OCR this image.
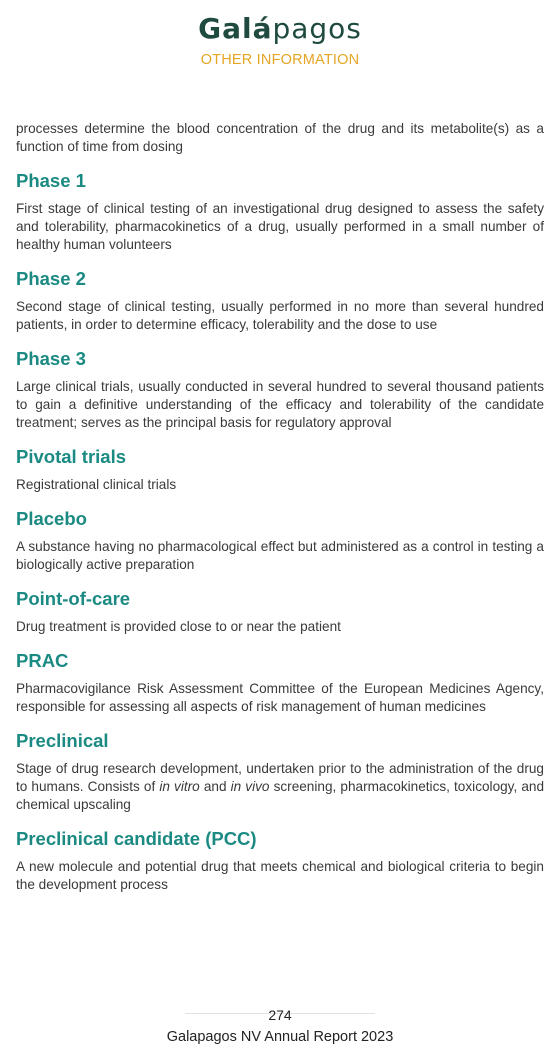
Galápagos
OTHER INFORMATION

processes determine the blood concentration of the drug and its metabolite(s) as a function of time from dosing

Phase 1

First stage of clinical testing of an investigational drug designed to assess the safety and tolerability, pharmacokinetics of a drug, usually performed in a small number of healthy human volunteers

Phase 2

Second stage of clinical testing, usually performed in no more than several hundred patients, in order to determine efficacy, tolerability and the dose to use

Phase 3

Large clinical trials, usually conducted in several hundred to several thousand patients to gain a definitive understanding of the efficacy and tolerability of the candidate treatment; serves as the principal basis for regulatory approval

Pivotal trials

Registrational clinical trials

Placebo

A substance having no pharmacological effect but administered as a control in testing a biologically active preparation

Point-of-care

Drug treatment is provided close to or near the patient

PRAC

Pharmacovigilance Risk Assessment Committee of the European Medicines Agency, responsible for assessing all aspects of risk management of human medicines

Preclinical

Stage of drug research development, undertaken prior to the administration of the drug to humans. Consists of in vitro and in vivo screening, pharmacokinetics, toxicology, and chemical upscaling

Preclinical candidate (PCC)

A new molecule and potential drug that meets chemical and biological criteria to begin the development process

274
Galapagos NV Annual Report 2023
